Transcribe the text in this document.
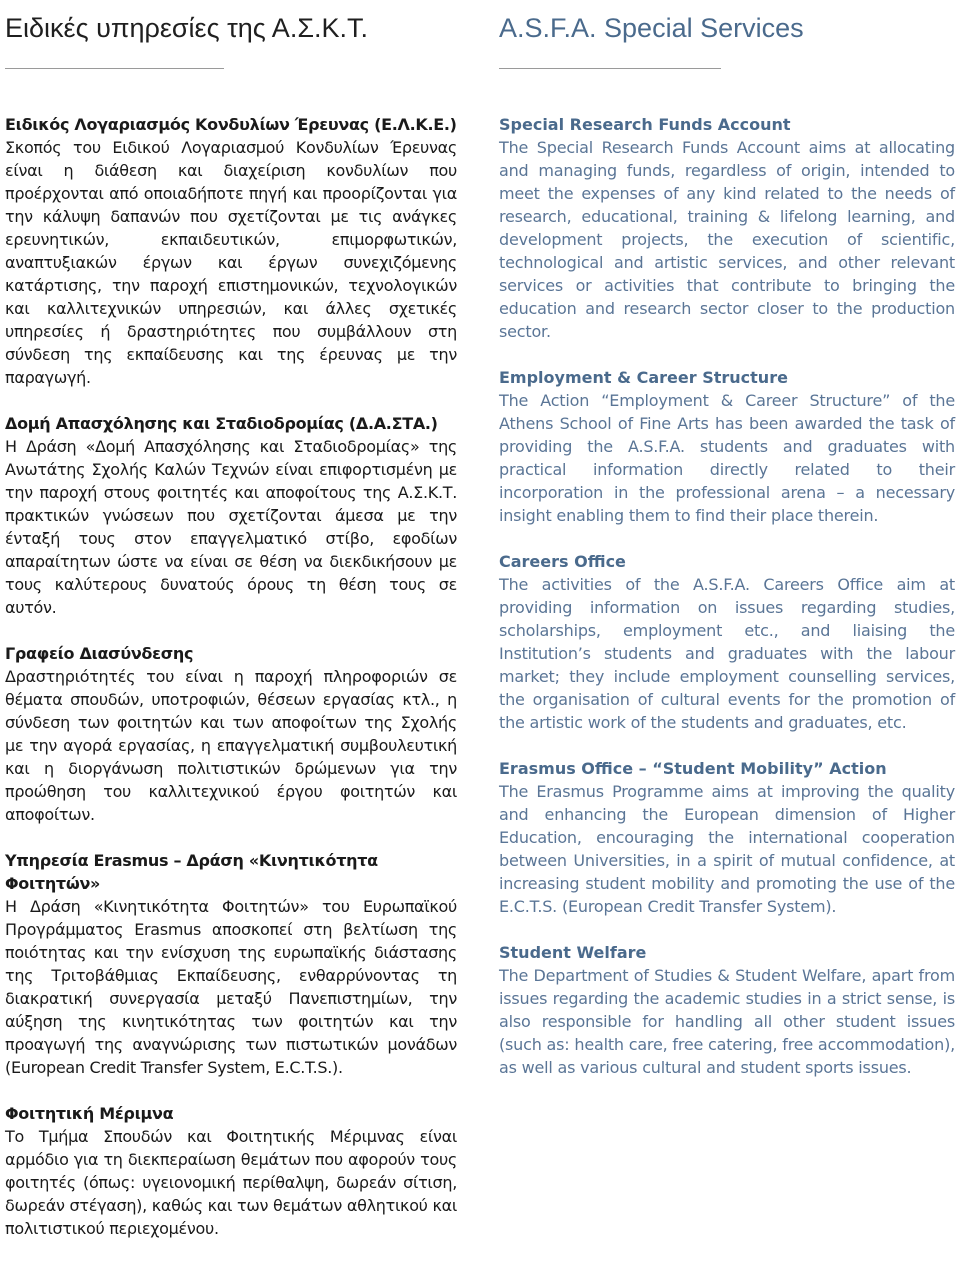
Ειδικές υπηρεσίες της Α.Σ.Κ.Τ.
Ειδικός Λογαριασμός Κονδυλίων Έρευνας (Ε.Λ.Κ.Ε.)

Σκοπός του Ειδικού Λογαριασμού Κονδυλίων Έρευνας είναι η διάθεση και διαχείριση κονδυλίων που προέρχονται από οποιαδήποτε πηγή και προορίζονται για την κάλυψη δαπανών που σχετίζονται με τις ανάγκες ερευνητικών, εκπαιδευτικών, επιμορφωτικών, αναπτυξιακών έργων και έργων συνεχιζόμενης κατάρτισης, την παροχή επιστημονικών, τεχνολογικών και καλλιτεχνικών υπηρεσιών, και άλλες σχετικές υπηρεσίες ή δραστηριότητες που συμβάλλουν στη σύνδεση της εκπαίδευσης και της έρευνας με την παραγωγή.

Δομή Απασχόλησης και Σταδιοδρομίας (Δ.Α.ΣΤΑ.)

Η Δράση «Δομή Απασχόλησης και Σταδιοδρομίας» της Ανωτάτης Σχολής Καλών Τεχνών είναι επιφορτισμένη με την παροχή στους φοιτητές και αποφοίτους της Α.Σ.Κ.Τ. πρακτικών γνώσεων που σχετίζονται άμεσα με την ένταξή τους στον επαγγελματικό στίβο, εφοδίων απαραίτητων ώστε να είναι σε θέση να διεκδικήσουν με τους καλύτερους δυνατούς όρους τη θέση τους σε αυτόν.

Γραφείο Διασύνδεσης

Δραστηριότητές του είναι η παροχή πληροφοριών σε θέματα σπουδών, υποτροφιών, θέσεων εργασίας κτλ., η σύνδεση των φοιτητών και των αποφοίτων της Σχολής με την αγορά εργασίας, η επαγγελματική συμβουλευτική και η διοργάνωση πολιτιστικών δρώμενων για την προώθηση του καλλιτεχνικού έργου φοιτητών και αποφοίτων.

Υπηρεσία Erasmus – Δράση «Κινητικότητα Φοιτητών»

Η Δράση «Κινητικότητα Φοιτητών» του Ευρωπαϊκού Προγράμματος Erasmus αποσκοπεί στη βελτίωση της ποιότητας και την ενίσχυση της ευρωπαϊκής διάστασης της Τριτοβάθμιας Εκπαίδευσης, ενθαρρύνοντας τη διακρατική συνεργασία μεταξύ Πανεπιστημίων, την αύξηση της κινητικότητας των φοιτητών και την προαγωγή της αναγνώρισης των πιστωτικών μονάδων (European Credit Transfer System, E.C.T.S.).

Φοιτητική Μέριμνα

Το Τμήμα Σπουδών και Φοιτητικής Μέριμνας είναι αρμόδιο για τη διεκπεραίωση θεμάτων που αφορούν τους φοιτητές (όπως: υγειονομική περίθαλψη, δωρεάν σίτιση, δωρεάν στέγαση), καθώς και των θεμάτων αθλητικού και πολιτιστικού περιεχομένου.

A.S.F.A. Special Services
Special Research Funds Account

The Special Research Funds Account aims at allocating and managing funds, regardless of origin, intended to meet the expenses of any kind related to the needs of research, educational, training & lifelong learning, and development projects, the execution of scientific, technological and artistic services, and other relevant services or activities that contribute to bringing the education and research sector closer to the production sector.

Employment & Career Structure

The Action “Employment & Career Structure” of the Athens School of Fine Arts has been awarded the task of providing the A.S.F.A. students and graduates with practical information directly related to their incorporation in the professional arena – a necessary insight enabling them to find their place therein.

Careers Office

The activities of the A.S.F.A. Careers Office aim at providing information on issues regarding studies, scholarships, employment etc., and liaising the Institution’s students and graduates with the labour market; they include employment counselling services, the organisation of cultural events for the promotion of the artistic work of the students and graduates, etc.

Erasmus Office – “Student Mobility” Action

The Erasmus Programme aims at improving the quality and enhancing the European dimension of Higher Education, encouraging the international cooperation between Universities, in a spirit of mutual confidence, at increasing student mobility and promoting the use of the E.C.T.S. (European Credit Transfer System).

Student Welfare

The Department of Studies & Student Welfare, apart from issues regarding the academic studies in a strict sense, is also responsible for handling all other student issues (such as: health care, free catering, free accommodation), as well as various cultural and student sports issues.
